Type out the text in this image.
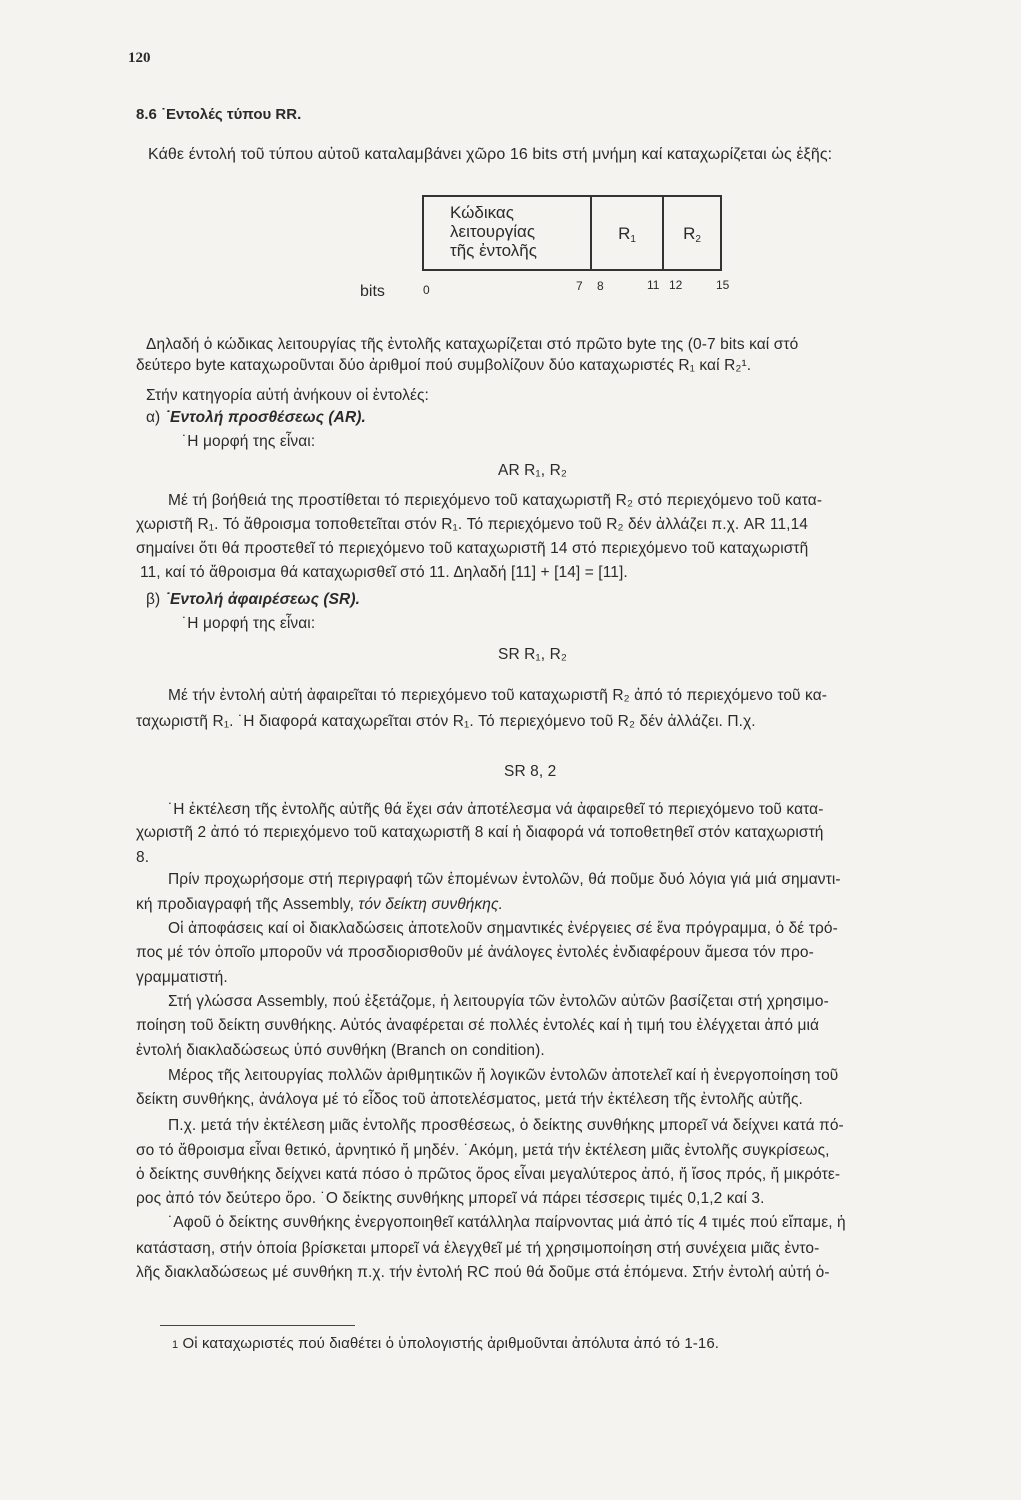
120
8.6 ˙Εντολές τύπου RR.
Κάθε έντολή τοῦ τύπου αὐτοῦ καταλαμβάνει χῶρο 16 bits στή μνήμη καί καταχωρίζεται ὡς ἑξῆς:
Κώδικας
λειτουργίας
τῆς ἐντολῆς
R1	R2
bits	0	7 8	11 12	15
Δηλαδή ὁ κώδικας λειτουργίας τῆς ἐντολῆς καταχωρίζεται στό πρῶτο byte της (0-7 bits καί στό
δεύτερο byte καταχωροῦνται δύο ἀριθμοί πού συμβολίζουν δύο καταχωριστές R₁ καί R₂¹.
Στήν κατηγορία αὐτή ἀνήκουν οἱ ἐντολές:
α) ˙Εντολή προσθέσεως (AR).
˙Η μορφή της εἶναι:
AR R₁, R₂
Μέ τή βοήθειά της προστίθεται τό περιεχόμενο τοῦ καταχωριστῆ R₂ στό περιεχόμενο τοῦ κατα-
χωριστῆ R₁. Τό ἄθροισμα τοποθετεῖται στόν R₁. Τό περιεχόμενο τοῦ R₂ δέν ἀλλάζει π.χ. AR 11,14
σημαίνει ὅτι θά προστεθεῖ τό περιεχόμενο τοῦ καταχωριστῆ 14 στό περιεχόμενο τοῦ καταχωριστῆ
11, καί τό ἄθροισμα θά καταχωρισθεῖ στό 11. Δηλαδή [11] + [14] = [11].
β) ˙Εντολή ἀφαιρέσεως (SR).
˙Η μορφή της εἶναι:
SR R₁, R₂
Μέ τήν ἐντολή αὐτή ἀφαιρεῖται τό περιεχόμενο τοῦ καταχωριστῆ R₂ ἀπό τό περιεχόμενο τοῦ κα-
ταχωριστῆ R₁. ˙Η διαφορά καταχωρεῖται στόν R₁. Τό περιεχόμενο τοῦ R₂ δέν ἀλλάζει. Π.χ.
SR 8, 2
˙Η ἐκτέλεση τῆς ἐντολῆς αὐτῆς θά ἔχει σάν ἀποτέλεσμα νά ἀφαιρεθεῖ τό περιεχόμενο τοῦ κατα-
χωριστῆ 2 ἀπό τό περιεχόμενο τοῦ καταχωριστῆ 8 καί ἡ διαφορά νά τοποθετηθεῖ στόν καταχωριστή
8.
Πρίν προχωρήσομε στή περιγραφή τῶν ἑπομένων ἐντολῶν, θά ποῦμε δυό λόγια γιά μιά σημαντι-
κή προδιαγραφή τῆς Assembly, τόν δείκτη συνθήκης.
Οἱ ἀποφάσεις καί οἱ διακλαδώσεις ἀποτελοῦν σημαντικές ἐνέργειες σέ ἕνα πρόγραμμα, ὁ δέ τρό-
πος μέ τόν ὁποῖο μποροῦν νά προσδιορισθοῦν μέ ἀνάλογες ἐντολές ἐνδιαφέρουν ἄμεσα τόν προ-
γραμματιστή.
Στή γλώσσα Assembly, πού ἐξετάζομε, ἡ λειτουργία τῶν ἐντολῶν αὐτῶν βασίζεται στή χρησιμο-
ποίηση τοῦ δείκτη συνθήκης. Αὐτός ἀναφέρεται σέ πολλές ἐντολές καί ἡ τιμή του ἐλέγχεται ἀπό μιά
ἐντολή διακλαδώσεως ὑπό συνθήκη (Branch on condition).
Μέρος τῆς λειτουργίας πολλῶν ἀριθμητικῶν ἤ λογικῶν ἐντολῶν ἀποτελεῖ καί ἡ ἐνεργοποίηση τοῦ
δείκτη συνθήκης, ἀνάλογα μέ τό εἶδος τοῦ ἀποτελέσματος, μετά τήν ἐκτέλεση τῆς ἐντολῆς αὐτῆς.
Π.χ. μετά τήν ἐκτέλεση μιᾶς ἐντολῆς προσθέσεως, ὁ δείκτης συνθήκης μπορεῖ νά δείχνει κατά πό-
σο τό ἄθροισμα εἶναι θετικό, ἀρνητικό ἤ μηδέν. ˙Ακόμη, μετά τήν ἐκτέλεση μιᾶς ἐντολῆς συγκρίσεως,
ὁ δείκτης συνθήκης δείχνει κατά πόσο ὁ πρῶτος ὅρος εἶναι μεγαλύτερος ἀπό, ἤ ἴσος πρός, ἤ μικρότε-
ρος ἀπό τόν δεύτερο ὅρο. ˙Ο δείκτης συνθήκης μπορεῖ νά πάρει τέσσερις τιμές 0,1,2 καί 3.
˙Αφοῦ ὁ δείκτης συνθήκης ἐνεργοποιηθεῖ κατάλληλα παίρνοντας μιά ἀπό τίς 4 τιμές πού εἴπαμε, ἡ
κατάσταση, στήν ὁποία βρίσκεται μπορεῖ νά ἐλεγχθεῖ μέ τή χρησιμοποίηση στή συνέχεια μιᾶς ἐντο-
λῆς διακλαδώσεως μέ συνθήκη π.χ. τήν ἐντολή RC πού θά δοῦμε στά ἑπόμενα. Στήν ἐντολή αὐτή ὁ-
1 Οἱ καταχωριστές πού διαθέτει ὁ ὑπολογιστής ἀριθμοῦνται ἀπόλυτα ἀπό τό 1-16.
